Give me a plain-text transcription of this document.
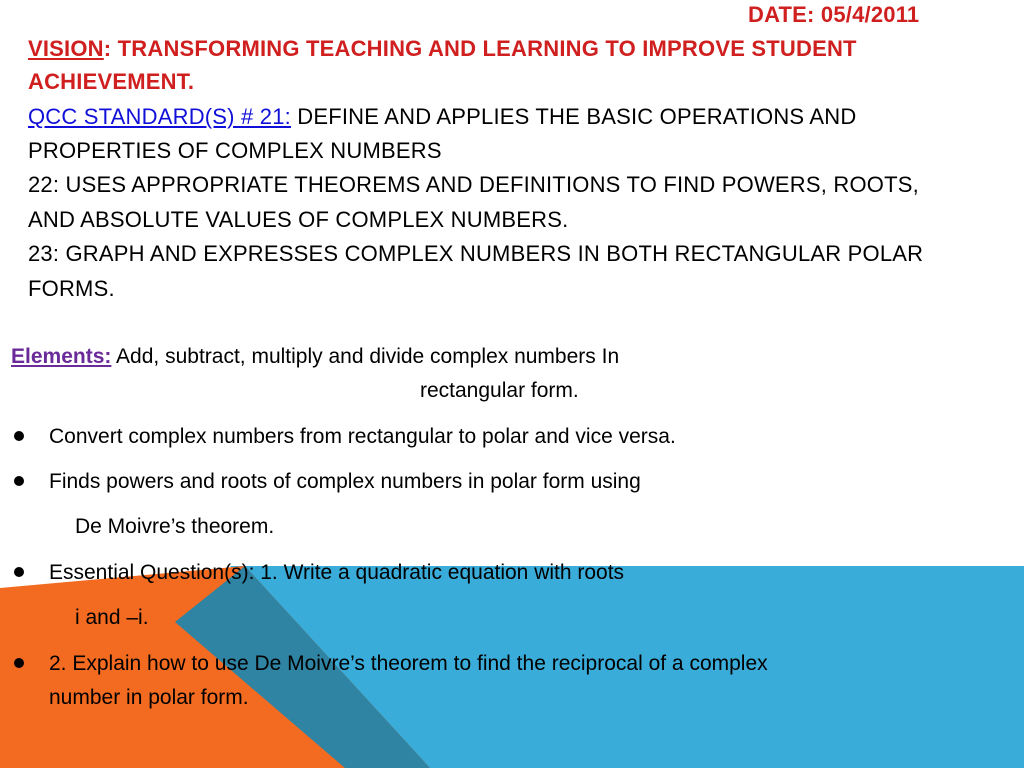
DATE: 05/4/2011
VISION: TRANSFORMING TEACHING AND LEARNING TO IMPROVE STUDENT
ACHIEVEMENT.
QCC STANDARD(S) # 21: DEFINE AND APPLIES THE BASIC OPERATIONS AND
PROPERTIES OF COMPLEX NUMBERS
22: USES APPROPRIATE THEOREMS AND DEFINITIONS TO FIND POWERS, ROOTS,
AND ABSOLUTE VALUES OF COMPLEX NUMBERS.
23: GRAPH AND EXPRESSES COMPLEX NUMBERS IN BOTH RECTANGULAR POLAR
FORMS.
Elements: Add, subtract, multiply and divide complex numbers In
rectangular form.
Convert complex numbers from rectangular to polar and vice versa.
Finds powers and roots of complex numbers in polar form using
De Moivre’s theorem.
Essential Question(s): 1. Write a quadratic equation with roots
i and –i.
2. Explain how to use De Moivre’s theorem to find the reciprocal of a complex
number in polar form.
